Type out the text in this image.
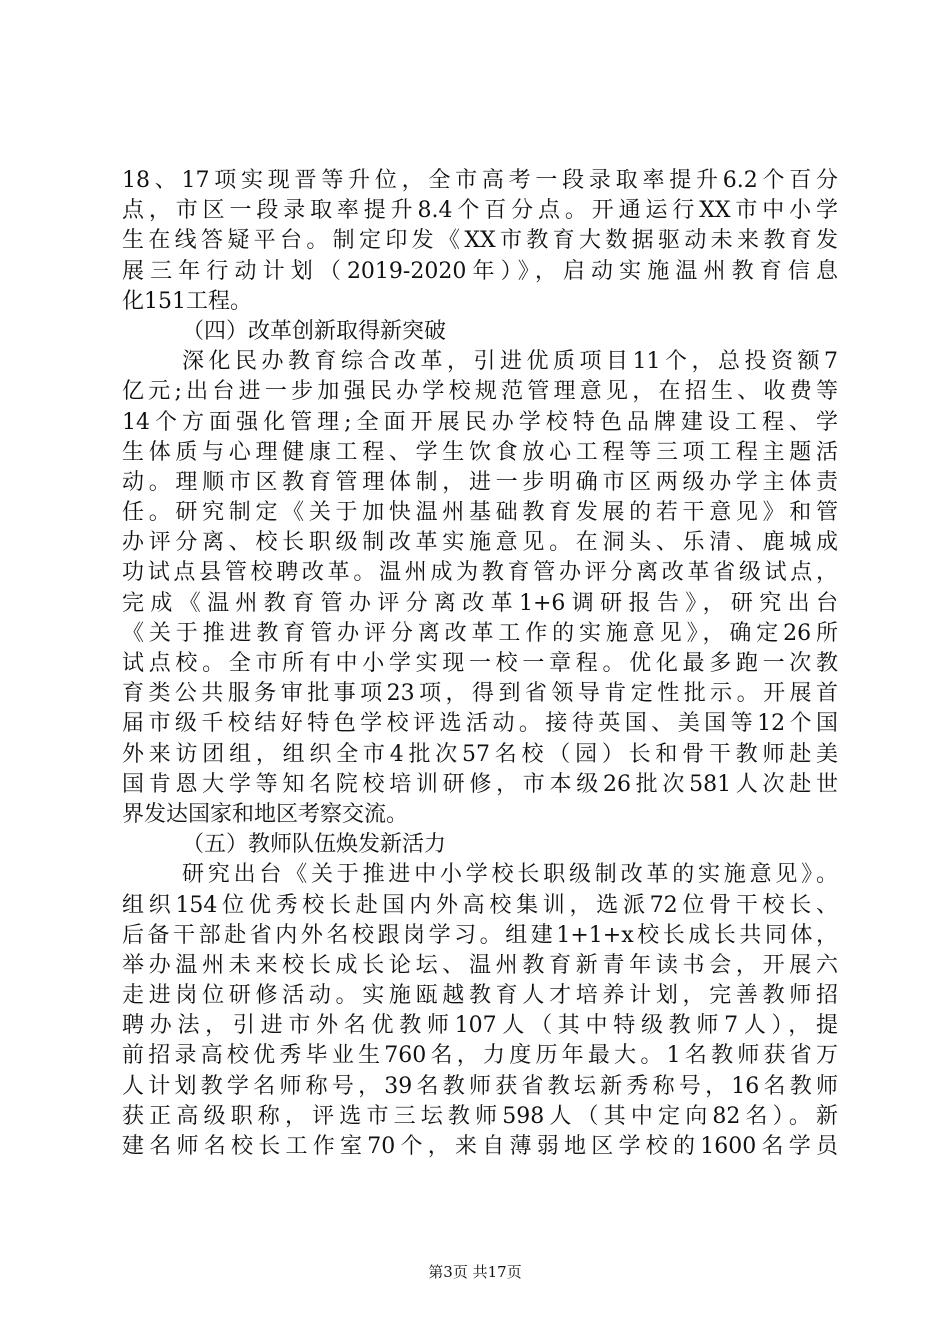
18、17项实现晋等升位，全市高考一段录取率提升6.2个百分
点，市区一段录取率提升8.4个百分点。开通运行XX市中小学
生在线答疑平台。制定印发《XX市教育大数据驱动未来教育发
展三年行动计划（2019-2020年）》，启动实施温州教育信息
化151工程。
（四）改革创新取得新突破
深化民办教育综合改革，引进优质项目11个，总投资额7
亿元;出台进一步加强民办学校规范管理意见，在招生、收费等
14个方面强化管理;全面开展民办学校特色品牌建设工程、学
生体质与心理健康工程、学生饮食放心工程等三项工程主题活
动。理顺市区教育管理体制，进一步明确市区两级办学主体责
任。研究制定《关于加快温州基础教育发展的若干意见》和管
办评分离、校长职级制改革实施意见。在洞头、乐清、鹿城成
功试点县管校聘改革。温州成为教育管办评分离改革省级试点，
完成《温州教育管办评分离改革1+6调研报告》，研究出台
《关于推进教育管办评分离改革工作的实施意见》，确定26所
试点校。全市所有中小学实现一校一章程。优化最多跑一次教
育类公共服务审批事项23项，得到省领导肯定性批示。开展首
届市级千校结好特色学校评选活动。接待英国、美国等12个国
外来访团组，组织全市4批次57名校（园）长和骨干教师赴美
国肯恩大学等知名院校培训研修，市本级26批次581人次赴世
界发达国家和地区考察交流。
（五）教师队伍焕发新活力
研究出台《关于推进中小学校长职级制改革的实施意见》。
组织154位优秀校长赴国内外高校集训，选派72位骨干校长、
后备干部赴省内外名校跟岗学习。组建1+1+x校长成长共同体，
举办温州未来校长成长论坛、温州教育新青年读书会，开展六
走进岗位研修活动。实施瓯越教育人才培养计划，完善教师招
聘办法，引进市外名优教师107人（其中特级教师7人），提
前招录高校优秀毕业生760名，力度历年最大。1名教师获省万
人计划教学名师称号，39名教师获省教坛新秀称号，16名教师
获正高级职称，评选市三坛教师598人（其中定向82名）。新
建名师名校长工作室70个，来自薄弱地区学校的1600名学员
第3页 共17页
